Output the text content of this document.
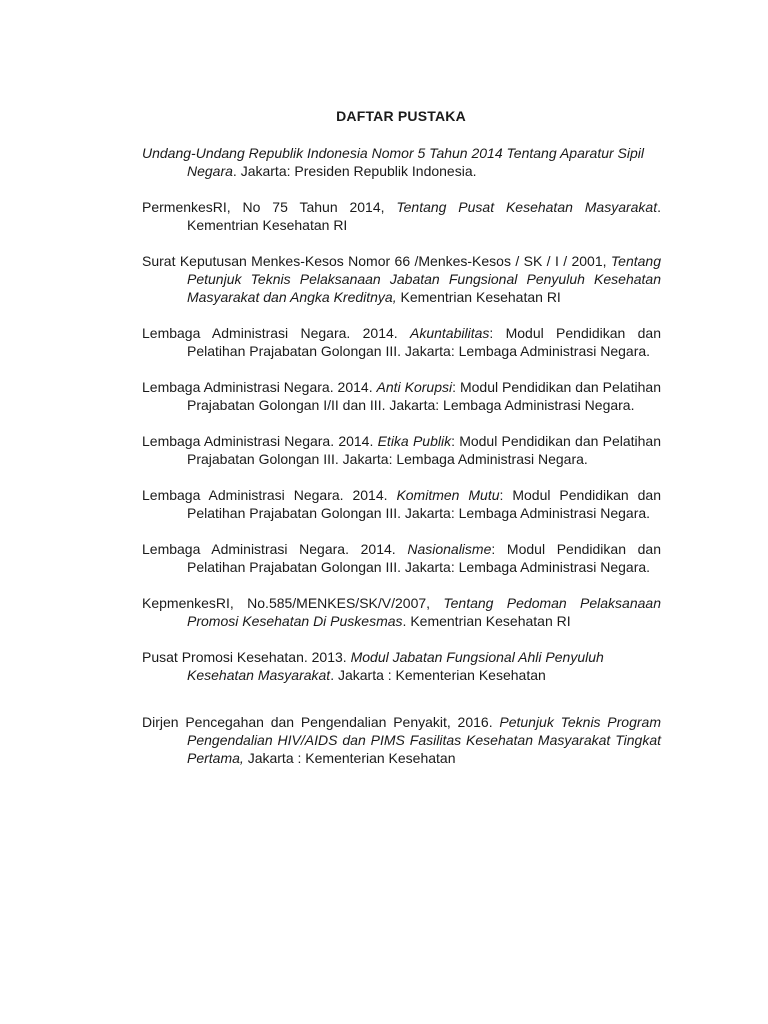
DAFTAR PUSTAKA

Undang-Undang Republik Indonesia Nomor 5 Tahun 2014 Tentang Aparatur Sipil Negara. Jakarta: Presiden Republik Indonesia.

PermenkesRI, No 75 Tahun 2014, Tentang Pusat Kesehatan Masyarakat. Kementrian Kesehatan RI

Surat Keputusan Menkes-Kesos Nomor 66 /Menkes-Kesos / SK / I / 2001, Tentang Petunjuk Teknis Pelaksanaan Jabatan Fungsional Penyuluh Kesehatan Masyarakat dan Angka Kreditnya, Kementrian Kesehatan RI

Lembaga Administrasi Negara. 2014. Akuntabilitas: Modul Pendidikan dan Pelatihan Prajabatan Golongan III. Jakarta: Lembaga Administrasi Negara.

Lembaga Administrasi Negara. 2014. Anti Korupsi: Modul Pendidikan dan Pelatihan Prajabatan Golongan I/II dan III. Jakarta: Lembaga Administrasi Negara.

Lembaga Administrasi Negara. 2014. Etika Publik: Modul Pendidikan dan Pelatihan Prajabatan Golongan III. Jakarta: Lembaga Administrasi Negara.

Lembaga Administrasi Negara. 2014. Komitmen Mutu: Modul Pendidikan dan Pelatihan Prajabatan Golongan III. Jakarta: Lembaga Administrasi Negara.

Lembaga Administrasi Negara. 2014. Nasionalisme: Modul Pendidikan dan Pelatihan Prajabatan Golongan III. Jakarta: Lembaga Administrasi Negara.

KepmenkesRI, No.585/MENKES/SK/V/2007, Tentang Pedoman Pelaksanaan Promosi Kesehatan Di Puskesmas. Kementrian Kesehatan RI

Pusat Promosi Kesehatan. 2013. Modul Jabatan Fungsional Ahli Penyuluh Kesehatan Masyarakat. Jakarta : Kementerian Kesehatan

Dirjen Pencegahan dan Pengendalian Penyakit, 2016. Petunjuk Teknis Program Pengendalian HIV/AIDS dan PIMS Fasilitas Kesehatan Masyarakat Tingkat Pertama, Jakarta : Kementerian Kesehatan
